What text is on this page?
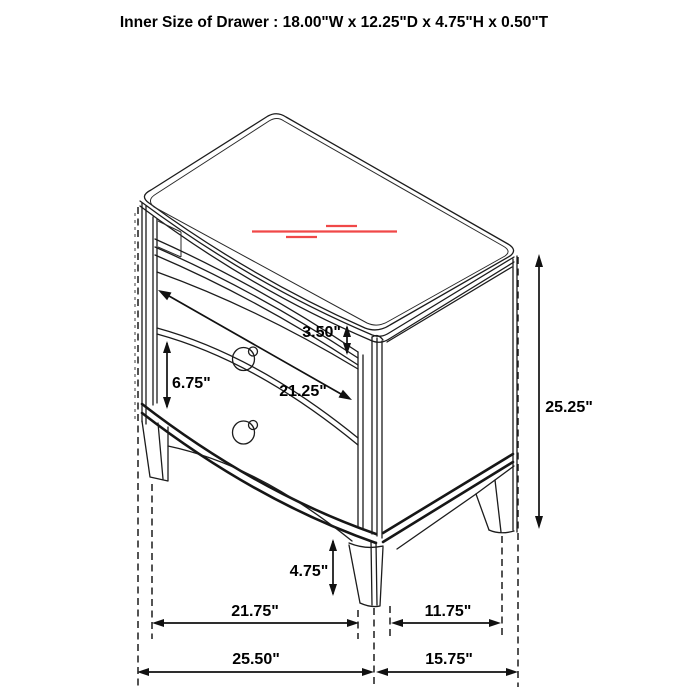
Inner Size of Drawer : 18.00"W x 12.25"D x 4.75"H x 0.50"T
3.50"
6.75"	21.25"
25.25"
4.75"
21.75"	11.75"
25.50"	15.75"
